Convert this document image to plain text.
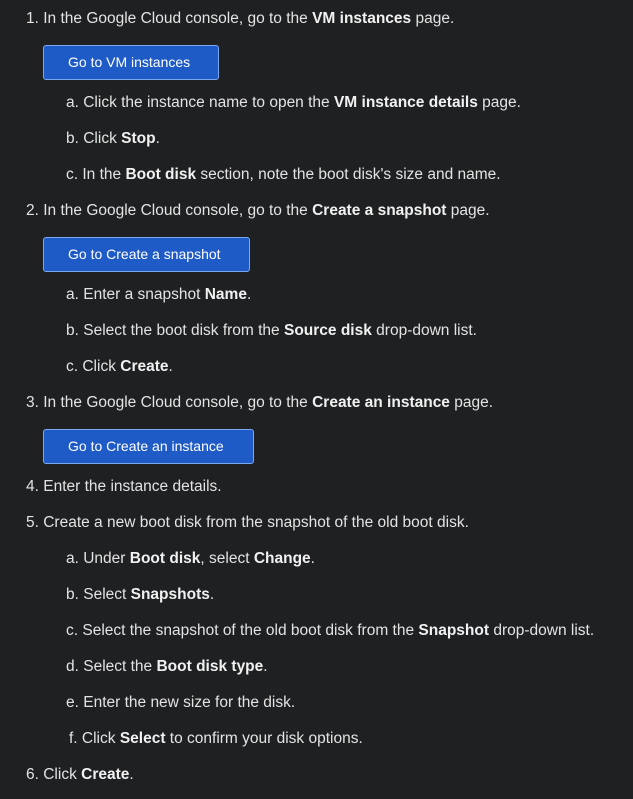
1. In the Google Cloud console, go to the VM instances page.
Go to VM instances
a. Click the instance name to open the VM instance details page.
b. Click Stop.
c. In the Boot disk section, note the boot disk's size and name.
2. In the Google Cloud console, go to the Create a snapshot page.
Go to Create a snapshot
a. Enter a snapshot Name.
b. Select the boot disk from the Source disk drop-down list.
c. Click Create.
3. In the Google Cloud console, go to the Create an instance page.
Go to Create an instance
4. Enter the instance details.
5. Create a new boot disk from the snapshot of the old boot disk.
a. Under Boot disk, select Change.
b. Select Snapshots.
c. Select the snapshot of the old boot disk from the Snapshot drop-down list.
d. Select the Boot disk type.
e. Enter the new size for the disk.
f. Click Select to confirm your disk options.
6. Click Create.
